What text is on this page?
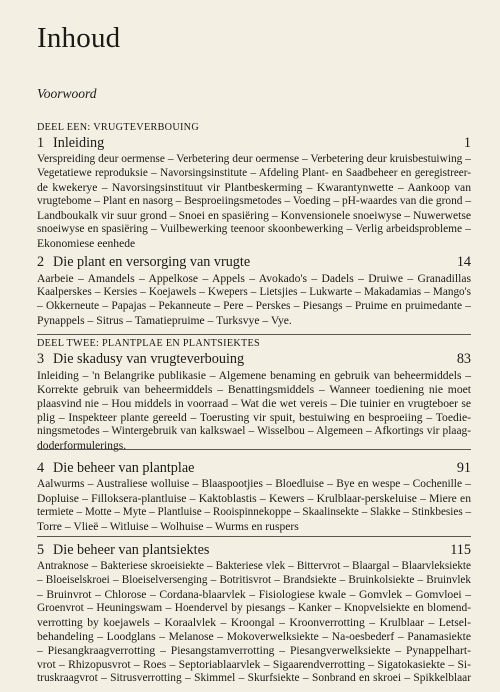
Inhoud
Voorwoord
DEEL EEN: VRUGTEVERBOUING
1 Inleiding	1
Verspreiding deur oermense – Verbetering deur oermense – Verbetering deur kruisbestuiwing –
Vegetatiewe reproduksie – Navorsingsinstitute – Afdeling Plant- en Saadbeheer en geregistreer-
de kwekerye – Navorsingsinstituut vir Plantbeskerming – Kwarantynwette – Aankoop van
vrugtebome – Plant en nasorg – Besproeiingsmetodes – Voeding – pH-waardes van die grond –
Landboukalk vir suur grond – Snoei en spasiëring – Konvensionele snoeiwyse – Nuwerwetse
snoeiwyse en spasiëring – Vuilbewerking teenoor skoonbewerking – Verlig arbeidsprobleme –
Ekonomiese eenhede
2 Die plant en versorging van vrugte	14
Aarbeie – Amandels – Appelkose – Appels – Avokado's – Dadels – Druiwe – Granadillas
Kaalperskes – Kersies – Koejawels – Kwepers – Lietsjies – Lukwarte – Makadamias – Mango's
– Okkerneute – Papajas – Pekanneute – Pere – Perskes – Piesangs – Pruime en pruimedante –
Pynappels – Sitrus – Tamatiepruime – Turksvye – Vye.
DEEL TWEE: PLANTPLAE EN PLANTSIEKTES
3 Die skadusy van vrugteverbouing	83
Inleiding – 'n Belangrike publikasie – Algemene benaming en gebruik van beheermiddels –
Korrekte gebruik van beheermiddels – Benattingsmiddels – Wanneer toediening nie moet
plaasvind nie – Hou middels in voorraad – Wat die wet vereis – Die tuinier en vrugteboer se
plig – Inspekteer plante gereeld – Toerusting vir spuit, bestuiwing en besproeiing – Toedie-
ningsmetodes – Wintergebruik van kalkswael – Wisselbou – Algemeen – Afkortings vir plaag-
doderformulerings.
4 Die beheer van plantplae	91
Aalwurms – Australiese wolluise – Blaaspootjies – Bloedluise – Bye en wespe – Cochenille –
Dopluise – Filloksera-plantluise – Kaktoblastis – Kewers – Krulblaar-perskeluise – Miere en
termiete – Motte – Myte – Plantluise – Rooispinnekoppe – Skaalinsekte – Slakke – Stinkbesies –
Torre – Vlieë – Witluise – Wolhuise – Wurms en ruspers
5 Die beheer van plantsiektes	115
Antraknose – Bakteriese skroeisiekte – Bakteriese vlek – Bittervrot – Blaargal – Blaarvleksiekte
– Bloeiselskroei – Bloeiselversenging – Botritisvrot – Brandsiekte – Bruinkolsiekte – Bruinvlek
– Bruinvrot – Chlorose – Cordana-blaarvlek – Fisiologiese kwale – Gomvlek – Gomvloei –
Groenvrot – Heuningswam – Hoendervel by piesangs – Kanker – Knopvelsiekte en blomend-
verrotting by koejawels – Koraalvlek – Kroongal – Kroonverrotting – Krulblaar – Letsel-
behandeling – Loodglans – Melanose – Mokoverwelksiekte – Na-oesbederf – Panamasiekte
– Piesangkraagverrotting – Piesangstamverrotting – Piesangverwelksiekte – Pynappelhart-
vrot – Rhizopusvrot – Roes – Septoriablaarvlek – Sigaarendverrotting – Sigatokasiekte – Si-
truskraagvrot – Sitrusverrotting – Skimmel – Skurfsiekte – Sonbrand en skroei – Spikkelblaar
